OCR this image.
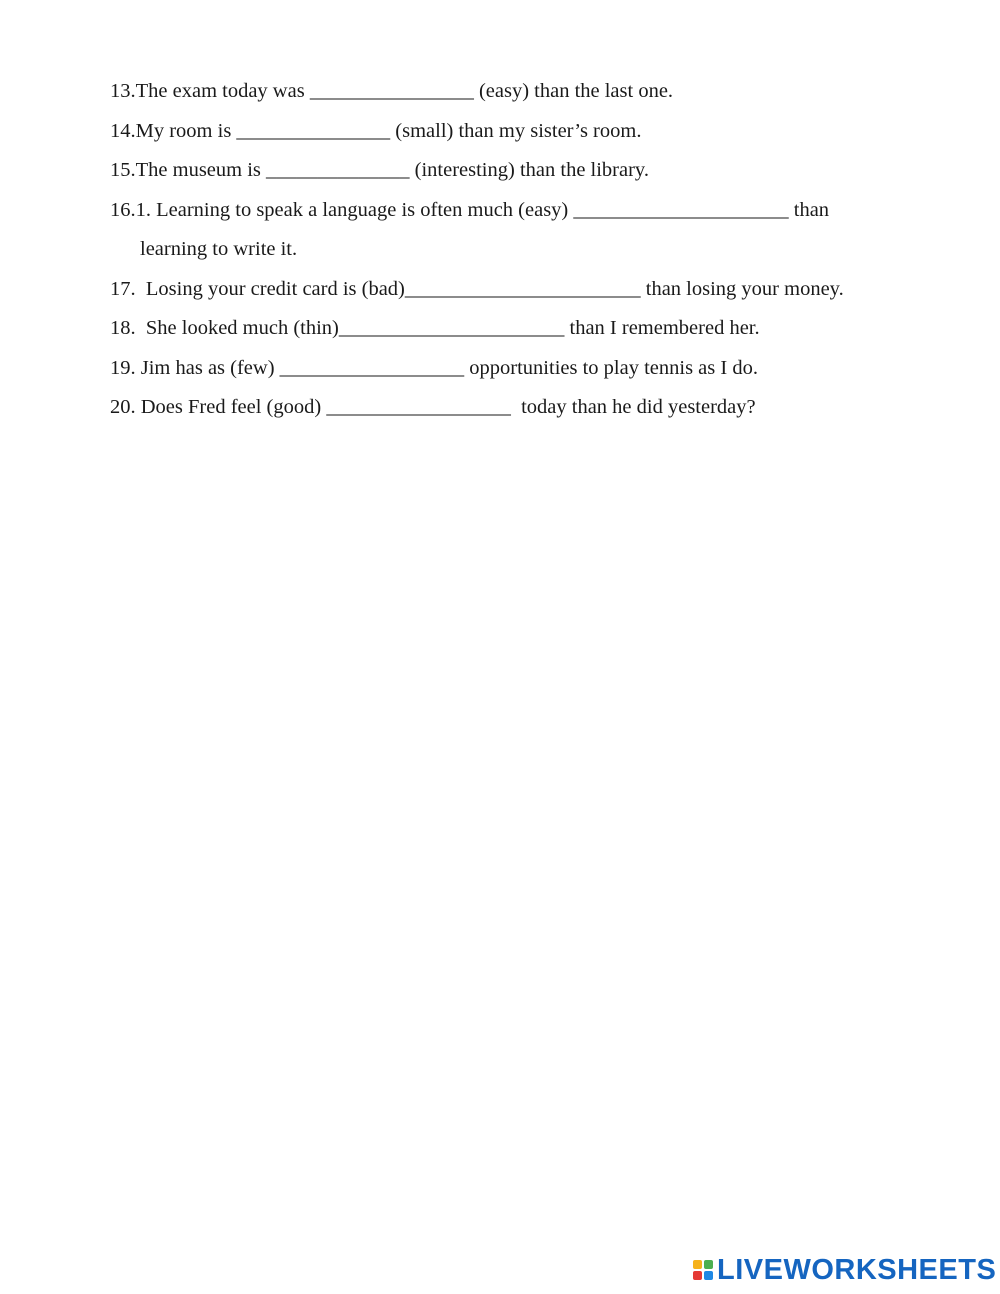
13.The exam today was ________________ (easy) than the last one.
14.My room is _______________ (small) than my sister’s room.
15.The museum is ______________ (interesting) than the library.
16.1. Learning to speak a language is often much (easy) _____________________ than
learning to write it.
17.  Losing your credit card is (bad)_______________________ than losing your money.
18.  She looked much (thin)______________________ than I remembered her.
19. Jim has as (few) __________________ opportunities to play tennis as I do.
20. Does Fred feel (good) __________________  today than he did yesterday?
LIVEWORKSHEETS
